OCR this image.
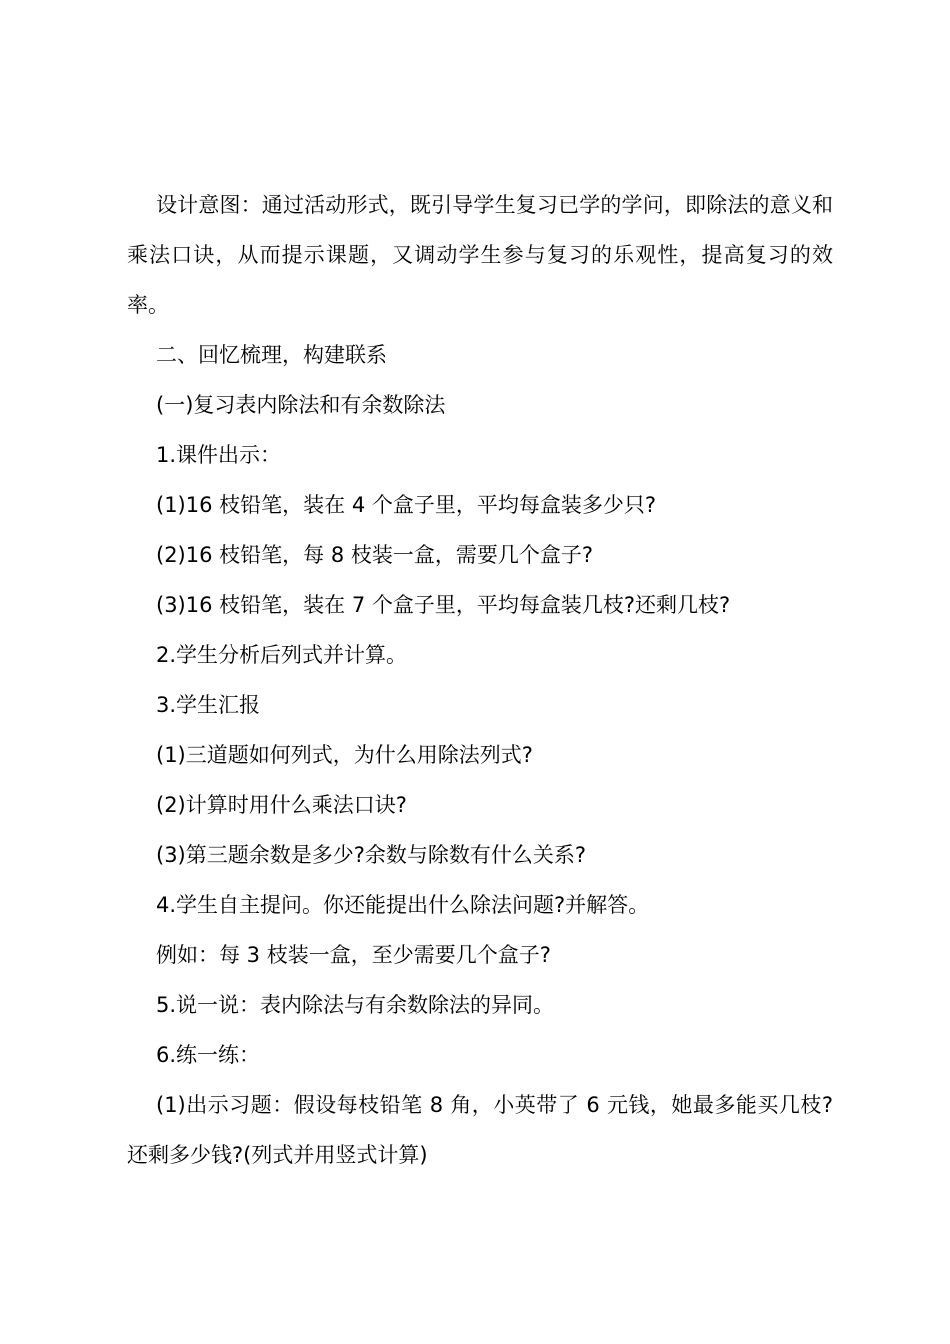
设计意图：通过活动形式，既引导学生复习已学的学问，即除法的意义和乘法口诀，从而提示课题，又调动学生参与复习的乐观性，提高复习的效率。

二、回忆梳理，构建联系

(一)复习表内除法和有余数除法

1.课件出示：

(1)16 枝铅笔，装在 4 个盒子里，平均每盒装多少只?

(2)16 枝铅笔，每 8 枝装一盒，需要几个盒子?

(3)16 枝铅笔，装在 7 个盒子里，平均每盒装几枝?还剩几枝?

2.学生分析后列式并计算。

3.学生汇报

(1)三道题如何列式，为什么用除法列式?

(2)计算时用什么乘法口诀?

(3)第三题余数是多少?余数与除数有什么关系?

4.学生自主提问。你还能提出什么除法问题?并解答。

例如：每 3 枝装一盒，至少需要几个盒子?

5.说一说：表内除法与有余数除法的异同。

6.练一练：

(1)出示习题：假设每枝铅笔 8 角，小英带了 6 元钱，她最多能买几枝?还剩多少钱?(列式并用竖式计算)
